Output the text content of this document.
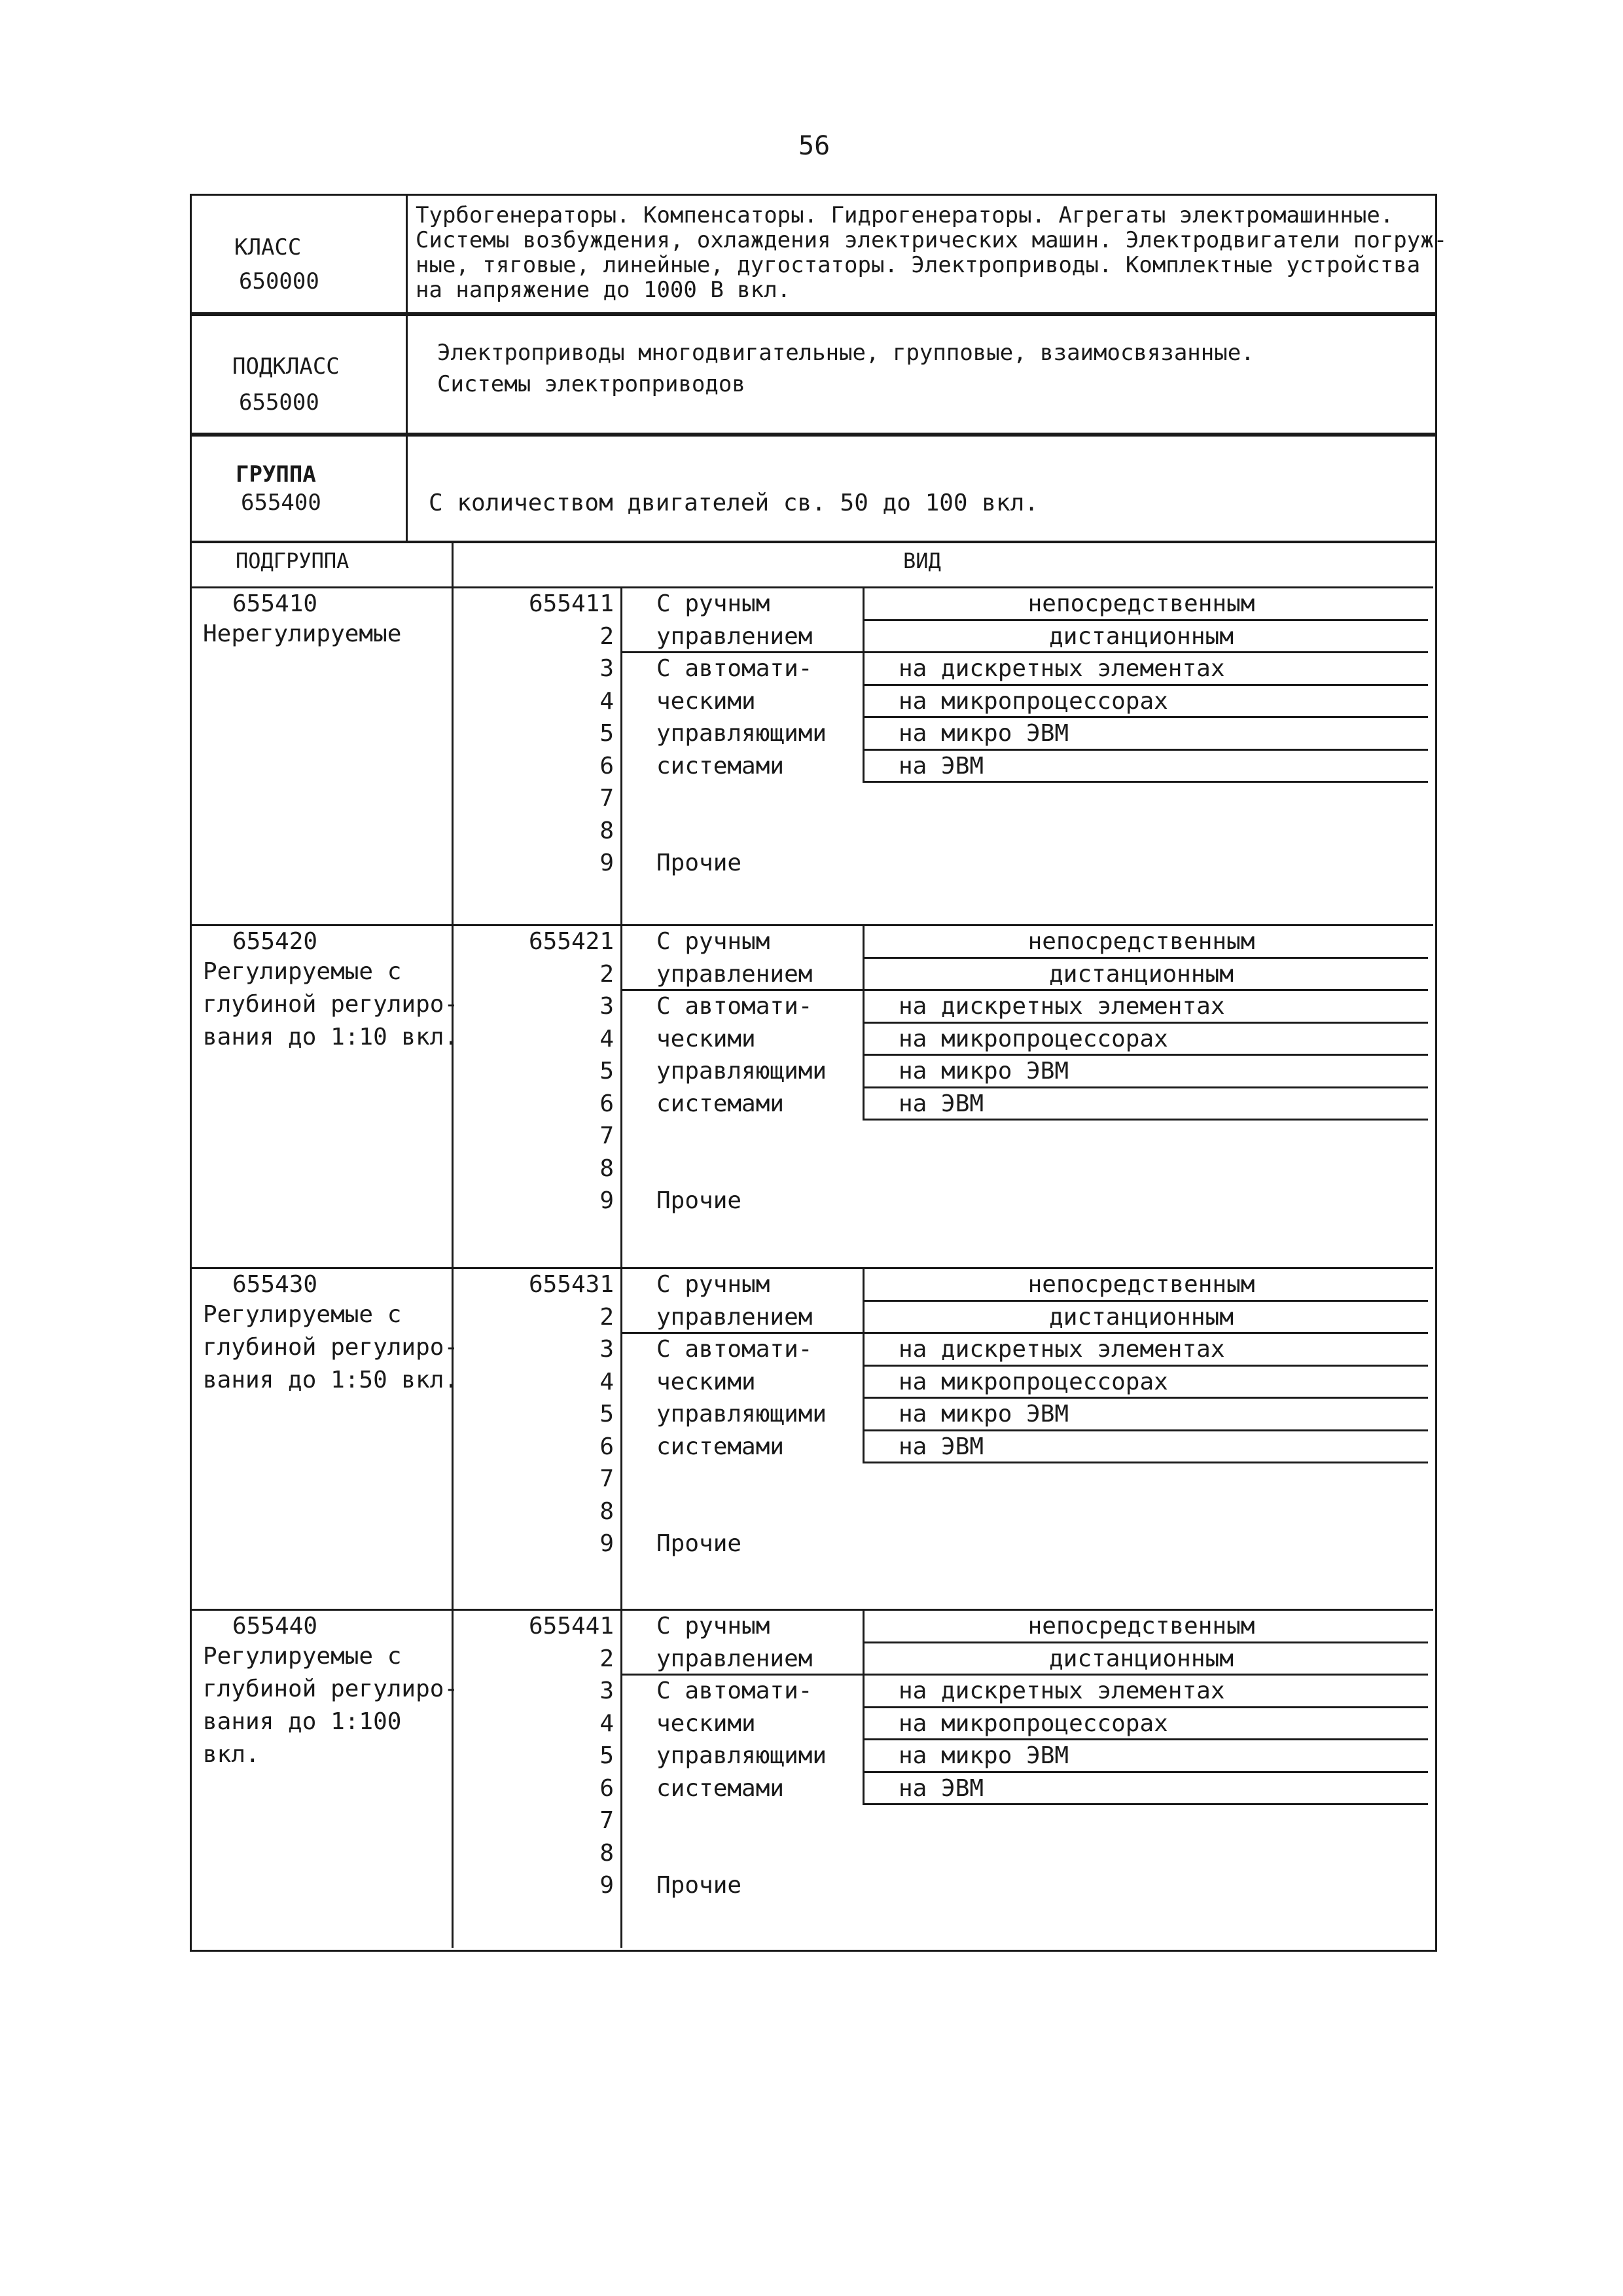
56
КЛАСС
650000
Турбогенераторы. Компенсаторы. Гидрогенераторы. Агрегаты электромашинные.
Системы возбуждения, охлаждения электрических машин. Электродвигатели погруж-
ные, тяговые, линейные, дугостаторы. Электроприводы. Комплектные устройства
на напряжение до 1000 В вкл.
ПОДКЛАСС
655000
Электроприводы многодвигательные, групповые, взаимосвязанные.
Системы электроприводов
ГРУППА
655400	С количеством двигателей св. 50 до 100 вкл.
ПОДГРУППА	ВИД
655410
Нерегулируемые
655411
2
3
4
5
6
7
8
9
С ручным
управлением
С автомати-
ческими
управляющими
системами
непосредственным
дистанционным
на дискретных элементах
на микропроцессорах
на микро ЭВМ
на ЭВМ
Прочие
655420
Регулируемые с
глубиной регулиро-
вания до 1:10 вкл.
655421
2
3
4
5
6
7
8
9
С ручным
управлением
С автомати-
ческими
управляющими
системами
непосредственным
дистанционным
на дискретных элементах
на микропроцессорах
на микро ЭВМ
на ЭВМ
Прочие
655430
Регулируемые с
глубиной регулиро-
вания до 1:50 вкл.
655431
2
3
4
5
6
7
8
9
С ручным
управлением
С автомати-
ческими
управляющими
системами
непосредственным
дистанционным
на дискретных элементах
на микропроцессорах
на микро ЭВМ
на ЭВМ
Прочие
655440
Регулируемые с
глубиной регулиро-
вания до 1:100
вкл.
655441
2
3
4
5
6
7
8
9
С ручным
управлением
С автомати-
ческими
управляющими
системами
непосредственным
дистанционным
на дискретных элементах
на микропроцессорах
на микро ЭВМ
на ЭВМ
Прочие
